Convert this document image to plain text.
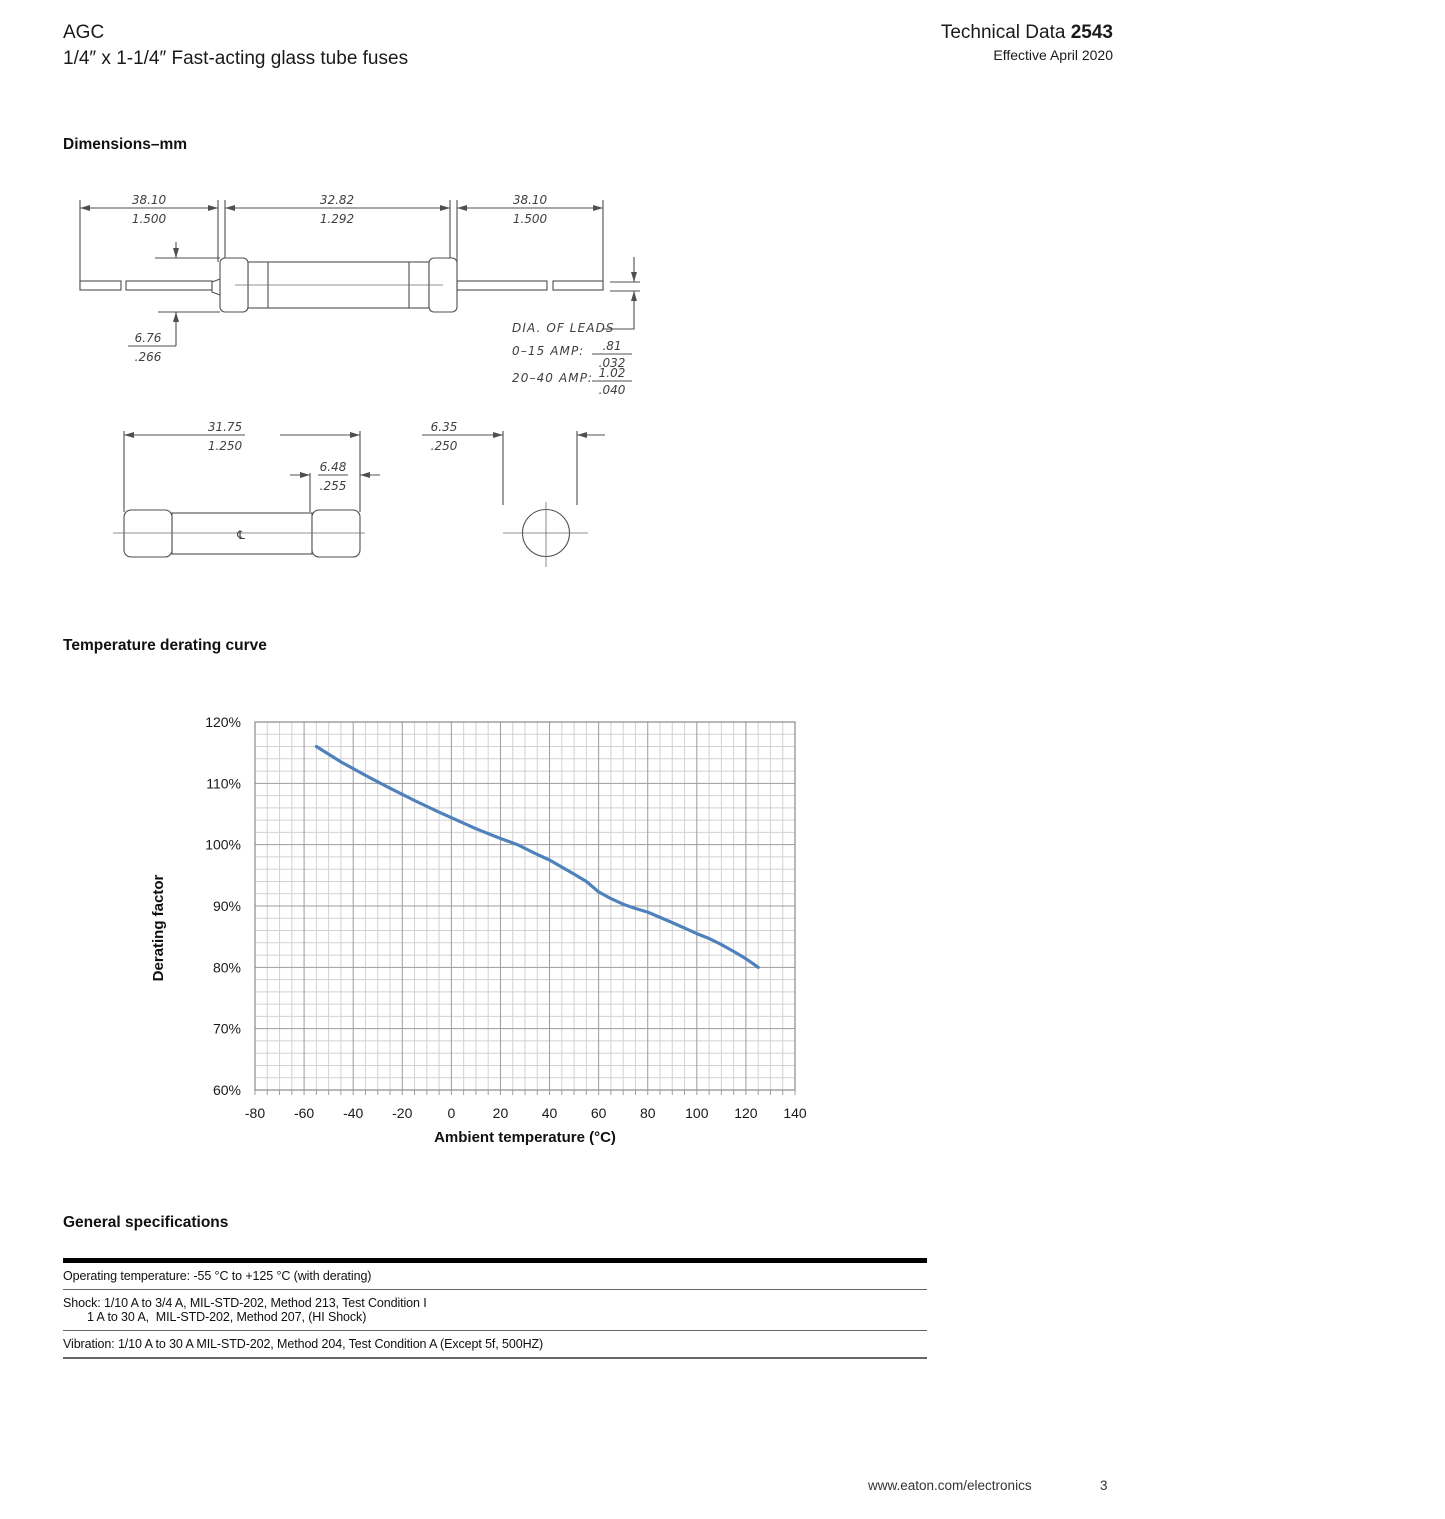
AGC
1/4″ x 1-1/4″ Fast-acting glass tube fuses
Technical Data 2543
Effective April 2020
Dimensions–mm
38.10
1.500
32.82
1.292
38.10
1.500
6.76
.266
DIA. OF LEADS
0–15 AMP: .81
.032
20–40 AMP: 1.02
.040
31.75
1.250
6.48
.255
℄
6.35
.250
Temperature derating curve
-80 -60 -40 -20	0	20 40 60 80 100 120 140
60%
70%
80%
90%
100%
110%
120%
Ambient temperature (°C)
Derating factor
General specifications
Operating temperature: -55 °C to +125 °C (with derating)
Shock: 1/10 A to 3/4 A, MIL-STD-202, Method 213, Test Condition I
1 A to 30 A,  MIL-STD-202, Method 207, (HI Shock)
Vibration: 1/10 A to 30 A MIL-STD-202, Method 204, Test Condition A (Except 5f, 500HZ)
www.eaton.com/electronics	3
